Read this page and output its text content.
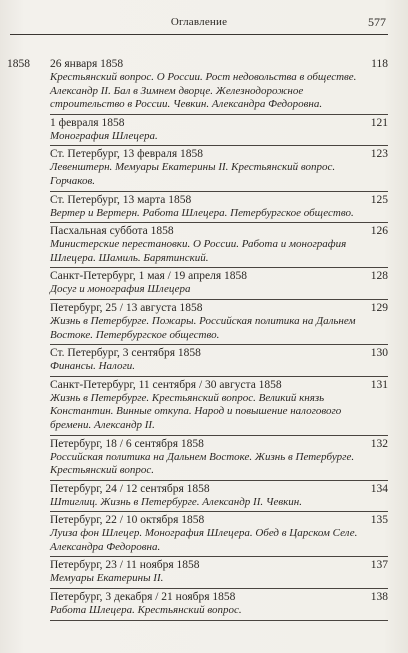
Оглавление	577
1858 26 января 1858	118
Крестьянский вопрос. О России. Рост недовольства в обществе. Александр II. Бал в Зимнем дворце. Железнодорожное строительство в России. Чевкин. Александра Федоровна.
1 февраля 1858	121
Монография Шлецера.
Ст. Петербург, 13 февраля 1858	123
Левенштерн. Мемуары Екатерины II. Крестьянский вопрос. Горчаков.
Ст. Петербург, 13 марта 1858	125
Вертер и Вертерн. Работа Шлецера. Петербургское общество.
Пасхальная суббота 1858	126
Министерские перестановки. О России. Работа и монография Шлецера. Шамиль. Барятинский.
Санкт-Петербург, 1 мая / 19 апреля 1858	128
Досуг и монография Шлецера
Петербург, 25 / 13 августа 1858	129
Жизнь в Петербурге. Пожары. Российская политика на Дальнем Востоке. Петербургское общество.
Ст. Петербург, 3 сентября 1858	130
Финансы. Налоги.
Санкт-Петербург, 11 сентября / 30 августа 1858	131
Жизнь в Петербурге. Крестьянский вопрос. Великий князь Константин. Винные откупа. Народ и повышение налогового бремени. Александр II.
Петербург, 18 / 6 сентября 1858	132
Российская политика на Дальнем Востоке. Жизнь в Петербурге. Крестьянский вопрос.
Петербург, 24 / 12 сентября 1858	134
Штиглиц. Жизнь в Петербурге. Александр II. Чевкин.
Петербург, 22 / 10 октября 1858	135
Луиза фон Шлецер. Монография Шлецера. Обед в Царском Селе. Александра Федоровна.
Петербург, 23 / 11 ноября 1858	137
Мемуары Екатерины II.
Петербург, 3 декабря / 21 ноября 1858	138
Работа Шлецера. Крестьянский вопрос.
